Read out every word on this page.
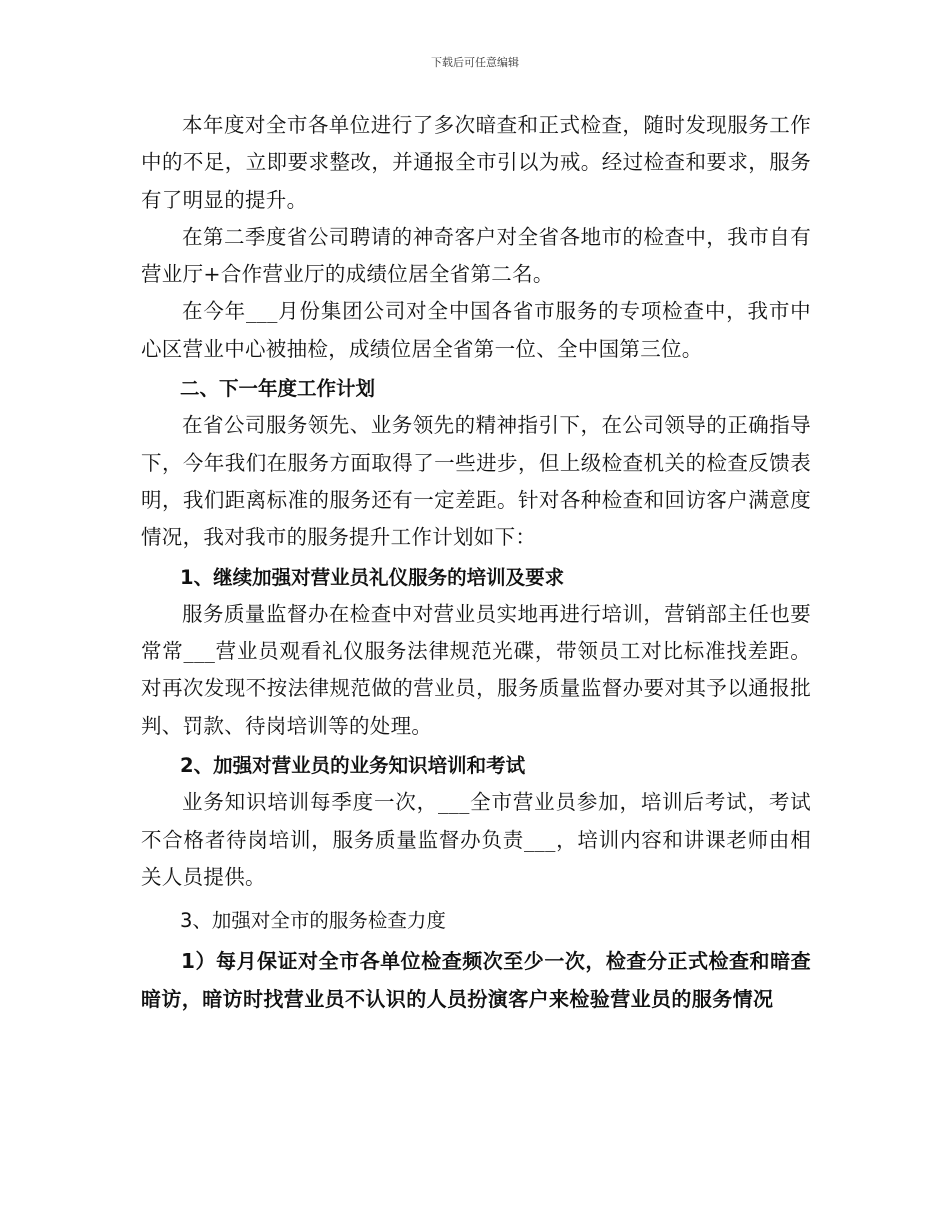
下载后可任意编辑

本年度对全市各单位进行了多次暗查和正式检查，随时发现服务工作中的不足，立即要求整改，并通报全市引以为戒。经过检查和要求，服务有了明显的提升。

在第二季度省公司聘请的神奇客户对全省各地市的检查中，我市自有营业厅+合作营业厅的成绩位居全省第二名。

在今年___月份集团公司对全中国各省市服务的专项检查中，我市中心区营业中心被抽检，成绩位居全省第一位、全中国第三位。

二、下一年度工作计划

在省公司服务领先、业务领先的精神指引下，在公司领导的正确指导下，今年我们在服务方面取得了一些进步，但上级检查机关的检查反馈表明，我们距离标准的服务还有一定差距。针对各种检查和回访客户满意度情况，我对我市的服务提升工作计划如下：

1、继续加强对营业员礼仪服务的培训及要求

服务质量监督办在检查中对营业员实地再进行培训，营销部主任也要常常___营业员观看礼仪服务法律规范光碟，带领员工对比标准找差距。对再次发现不按法律规范做的营业员，服务质量监督办要对其予以通报批判、罚款、待岗培训等的处理。

2、加强对营业员的业务知识培训和考试

业务知识培训每季度一次，___全市营业员参加，培训后考试，考试不合格者待岗培训，服务质量监督办负责___，培训内容和讲课老师由相关人员提供。

3、加强对全市的服务检查力度

1）每月保证对全市各单位检查频次至少一次，检查分正式检查和暗查暗访，暗访时找营业员不认识的人员扮演客户来检验营业员的服务情况
